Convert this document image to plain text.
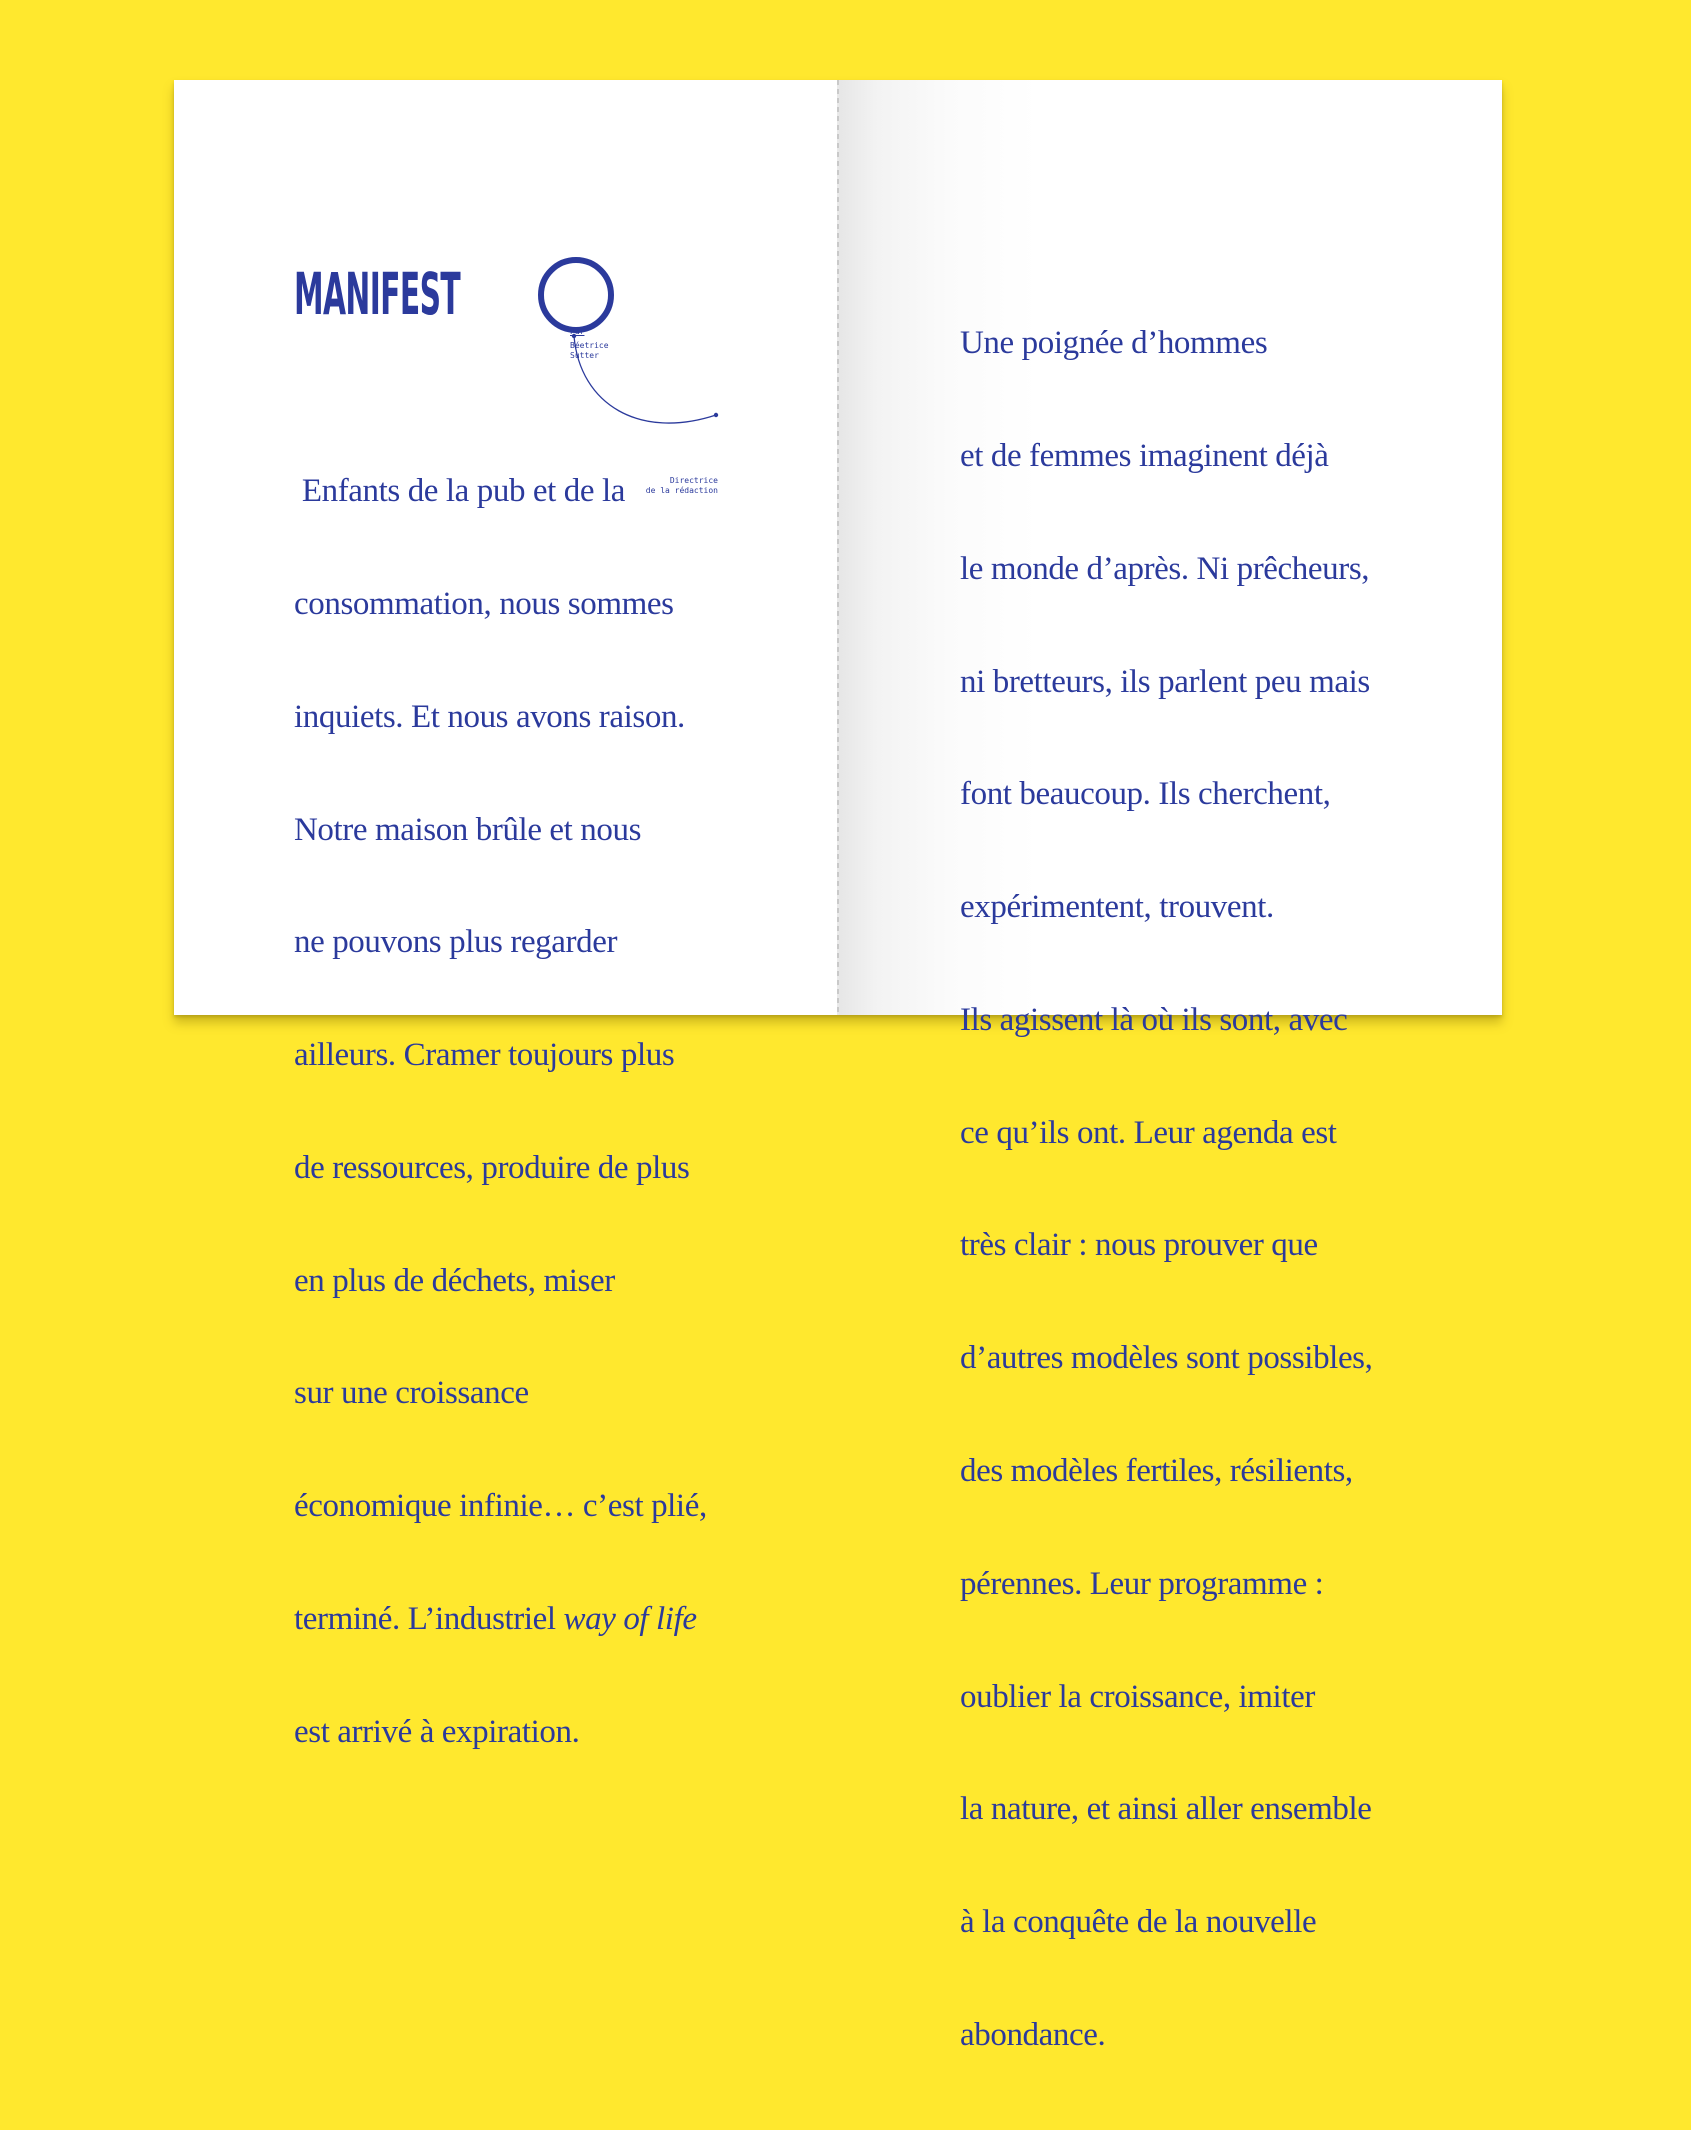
MANIFEST
Par
Béetrice
Sutter
Directrice
de la rédaction

Enfants de la pub et de la

consommation, nous sommes

inquiets. Et nous avons raison.

Notre maison brûle et nous

ne pouvons plus regarder

ailleurs. Cramer toujours plus

de ressources, produire de plus

en plus de déchets, miser

sur une croissance

économique infinie… c’est plié,

terminé. L’industriel way of life

est arrivé à expiration.

Une poignée d’hommes

et de femmes imaginent déjà

le monde d’après. Ni prêcheurs,

ni bretteurs, ils parlent peu mais

font beaucoup. Ils cherchent,

expérimentent, trouvent.

Ils agissent là où ils sont, avec

ce qu’ils ont. Leur agenda est

très clair : nous prouver que

d’autres modèles sont possibles,

des modèles fertiles, résilients,

pérennes. Leur programme :

oublier la croissance, imiter

la nature, et ainsi aller ensemble

à la conquête de la nouvelle

abondance.
